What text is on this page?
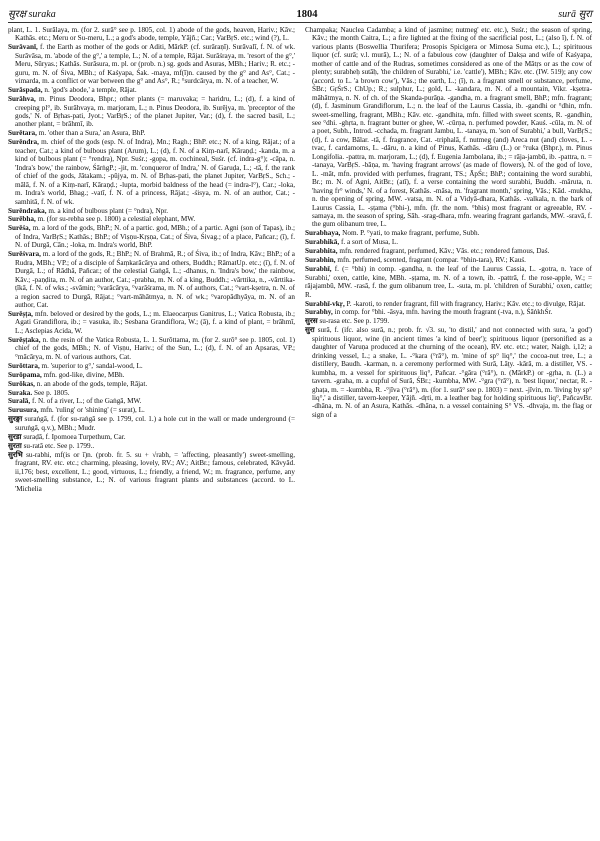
सुरक्ष suraka	1804	surā सुरा

plant, L. 1. Surālaya, m. (for 2. surā° see p. 1805, col. 1) abode of the gods, heaven, Hariv.; Kāv.; Kathās. etc.; Meru or Su-meru, L.; a god's abode, temple, Yājñ.; Car.; VarBṛS. etc.; wind (?), L.

Surāvanī, f. the Earth as mother of the gods or Aditi, MārkP. (cf. surāraṇī). Surāvalī, f. N. of wk. Surāvāsa, m. 'abode of the g°,' a temple, L.; N. of a temple, Rājat. Surāśraya, m. 'resort of the g°,' Meru, Sūryas.; Kathās. Surāsura, m. pl. or (prob. n.) sg. gods and Asuras, MBh.; Hariv.; R. etc.; -guru, m. N. of Śiva, MBh.; of Kaśyapa, Śak. -maya, mf(ī)n. caused by the g° and As°, Cat.; -vimarda, m. a conflict or war between the g° and As°, R.; °surdcārya, m. N. of a teacher, W.

Surāspada, n. 'god's abode,' a temple, Rājat.

Surāhva, m. Pinus Deodora, Bhpr.; other plants (= maruvaka; = haridru, L.; (d), f. a kind of creeping pl°, ib. Surāhvaya, m. marjoram, L.; n. Pinus Deodora, ib. Surējya, m. 'preceptor of the gods,' N. of Bṛhas-pati, Jyot.; VarBṛS.; of the planet Jupiter, Var.; (d), f. the sacred basil, L.; another plant, = brāhmī, ib.

Surētara, m. 'other than a Sura,' an Asura, BhP.

Surēndra, m. chief of the gods (esp. N. of Indra), Mn.; Ragh.; BhP. etc.; N. of a king, Rājat.; of a teacher, Cat.; a kind of bulbous plant (Arum), L.; (d), f. N. of a Kiṃ-narī, Kāraṇḍ.; -kanda, m. a kind of bulbous plant (= °rendra), Npr. Suśr.; -gopa, m. cochineal, Suśr. (cf. indra-g°); -cāpa, n. 'Indra's bow,' the rainbow, ŚārṅgP.; -jit, m. 'conqueror of Indra,' N. of Garuḍa, L.; -tā, f. the rank of chief of the gods, Jātakam.; -pūjya, m. N. of Bṛhas-pati, the planet Jupiter, VarBṛS., Sch.; -mālā, f. N. of a Kiṃ-narī, Kāraṇḍ.; -lupta, morbid baldness of the head (= indra-l°), Car.; -loka, m. Indra's world, Bhag.; -vatī, f. N. of a princess, Rājat.; -śisya, m. N. of an author, Cat.; -samhitā, f. N. of wk.

Surēndraka, m. a kind of bulbous plant (= °ndra), Npr.

Surēbha, m. (for su-rebha see p. 1800) a celestial elephant, MW.

Surēśa, m. a lord of the gods, BhP.; N. of a partic. god, MBh.; of a partic. Agni (son of Tapas), ib.; of Indra, VarBṛS.; Kathās.; BhP.; of Viṣṇu-Kṛṣṇa, Cat.; of Śiva, Śivag.; of a place, Pañcar.; (ī), f. N. of Durgā, Cān.; -loka, m. Indra's world, BhP.

Surēśvara, m. a lord of the gods, R.; BhP.; N. of Brahmā, R.; of Śiva, ib.; of Indra, Kāv.; BhP.; of a Rudra, MBh.; VP.; of a disciple of Śaṃkarācārya and others, Buddh.; RāmatUp. etc.; (ī), f. N. of Durgā, L.; of Rādhā, Pañcar.; of the celestial Gaṅgā, L.; -dhanus, n. 'Indra's bow,' the rainbow, Kāv.; -paṇḍita, m. N. of an author, Cat.; -prabha, m. N. of a king, Buddh.; -vārttika, n., -vārttika-ṭīkā, f. N. of wks.; -svāmin; °varācārya, °varāśrama, m. N. of authors, Cat.; °vart-kṣetra, n. N. of a region sacred to Durgā, Rājat.; °vart-māhātmya, n. N. of wk.; °varopādhyāya, m. N. of an author, Cat.

Surēṣṭa, mfn. beloved or desired by the gods, L.; m. Elaeocarpus Ganitrus, L.; Vatica Robusta, ib.; Agati Grandiflora, ib.; = vasuka, ib.; Sesbana Grandiflora, W.; (ā), f. a kind of plant, = brāhmī, L.; Asclepias Acida, W.

Surēṣṭaka, n. the resin of the Vatica Robusta, L. 1. Surōttama, m. (for 2. surō° see p. 1805, col. 1) chief of the gods, MBh.; N. of Viṣṇu, Hariv.; of the Sun, L.; (d), f. N. of an Apsaras, VP.; °mācārya, m. N. of various authors, Cat.

Surōttara, m. 'superior to g°,' sandal-wood, L.

Surōpama, mfn. god-like, divine, MBh.

Surōkas, n. an abode of the gods, temple, Rājat.

Suraka. See p. 1805.

Suralā, f. N. of a river, L.; of the Gaṅgā, MW.

Surusura, mfn. 'ruling' or 'shining' (= surat), L.

सुरङ्गा suraṅgā, f. (for su-raṅgā see p. 1799, col. 1.) a hole cut in the wall or made underground (= suruṅgā, q.v.), MBh.; Mudr.

सुरडा suraḍā, f. Ipomoea Turpethum, Car.

सुरता su-ratā etc. See p. 1799..

सुरभि su-rabhi, mf(is or ī)n. (prob. fr. 5. su + √rabh, = 'affecting, pleasantly') sweet-smelling, fragrant, RV. etc. etc.; charming, pleasing, lovely, RV.; AV.; AitBr.; famous, celebrated, Kāvyād. ii,176; best, excellent, L.; good, virtuous, L.; friendly, a friend, W.; m. fragrance, perfume, any sweet-smelling substance, L.; N. of various fragrant plants and substances (accord. to L. 'Michelia

Champaka; Nauclea Cadamba; a kind of jasmine; nutmeg' etc. etc.), Suśr.; the season of spring, Kāv.; the month Caitra, L.; a fire lighted at the fixing of the sacrificial post, L.; (also ī), f. N. of various plants (Boswellia Thurifera; Prosopis Spicigera or Mimosa Suma etc.), L.; spirituous liquor (cf. surā; v.l. murā), L.; N. of a fabulous cow (daughter of Dakṣa and wife of Kaśyapa, mother of cattle and of the Rudras, sometimes considered as one of the Mātṛs or as the cow of plenty; surabheḥ sutāḥ, 'the children of Surabhi,' i.e. 'cattle'), MBh.; Kāv. etc. (IW. 519); any cow (accord. to L. 'a brown cow'), Vās.; the earth, L.; (ī), n. a fragrant smell or substance, perfume, ŚBr.; GṛŚrS.; ChUp.; R.; sulphur, L.; gold, L. -kandara, m. N. of a mountain, Vikr. -kṣetra-māhātmya, n. N. of ch. of the Skanda-purāṇa. -gandha, m. a fragrant smell, BhP.; mfn. fragrant; (d), f. Jasminum Grandiflorum, L.; n. the leaf of the Laurus Cassia, ib. -gandhi or °dhin, mfn. sweet-smelling, fragrant, MBh.; Kāv. etc. -gandhita, mfn. filled with sweet scents, R. -gandhin, see °dhi. -ghṛta, n. fragrant butter or ghee, W. -cūrṇa, n. perfumed powder, Kauś. -cūla, m. N. of a poet, Subh., Introd. -cchada, m. fragrant Jambu, L. -tanaya, m. 'son of Surabhi,' a bull, VarBṛS.; (d), f. a cow, Bālar. -tā, f. fragrance, Cat. -triphalā, f. nutmeg (and) Areca nut (and) cloves, L. -tvac, f. cardamoms, L. -dāru, n. a kind of Pinus, Kathās. -dāru (L.) or °ruka (Bhpr.), m. Pinus Longifolia. -pattra, m. marjoram, L.; (d), f. Eugenia Jambolana, ib.; = rāja-jambū, ib. -pattra, n. = -tanaya, VarBṛS. -bāṇa, m. 'having fragrant arrows' (as made of flowers), N. of the god of love, L. -māt, mfn. provided with perfumes, fragrant, TS.; ĀpŚr.; BhP.; containing the word surabhi, Br.; m. N. of Agni, AitBr.; (atī), f. a verse containing the word surabhi, Buddh. -māruta, n. 'having fr° winds,' N. of a forest, Kathās. -māsa, m. 'fragrant month,' spring, Vās.; Kād. -mukha, n. the opening of spring, MW. -vatsa, m. N. of a Vidyā-dhara, Kathās. -valkala, n. the bark of Laurus Cassia, L. -ṣṭama (°bhi-), mfn. (fr. the nom. °bhis) most fragrant or agreeable, RV. -samaya, m. the season of spring, Sāh. -srag-dhara, mfn. wearing fragrant garlands, MW. -sravā, f. the gum olibanum tree, L.

Surabhaya, Nom. P. °yati, to make fragrant, perfume, Subh.

Surabhikā, f. a sort of Musa, L.

Surabhita, mfn. rendered fragrant, perfumed, Kāv.; Vās. etc.; rendered famous, Daś.

Surabhin, mfn. perfumed, scented, fragrant (compar. °bhin-tara), RV.; Kauś.

Surabhī, f. (= °bhi) in comp. -gandha, n. the leaf of the Laurus Cassia, L. -gotra, n. 'race of Surabhi,' oxen, cattle, kine, MBh. -ṣṭama, m. N. of a town, ib. -pattrā, f. the rose-apple, W.; = rājajambū, MW. -rasā, f. the gum olibanum tree, L. -suta, m. pl. 'children of Surabhi,' oxen, cattle; R.

Surabhī-vkṛ, P. -karoti, to render fragrant, fill with fragrancy, Hariv.; Kāv. etc.; to divulge, Rājat.

Surabhy, in comp. for °bhi. -āsya, mfn. having the mouth fragrant (-tva, n.), ŚāṅkhŚr.

सुरस su-rasa etc. See p. 1799.

सुरा surā, f. (ifc. also surā, n.; prob. fr. √3. su, 'to distil,' and not connected with sura, 'a god') spirituous liquor, wine (in ancient times 'a kind of beer'); spirituous liquor (personified as a daughter of Varuṇa produced at the churning of the ocean), RV. etc. etc.; water, Naigh. i,12; a drinking vessel, L.; a snake, L. -°kara (°rā°), m. 'mine of sp° liq°,' the cocoa-nut tree, L.; a distillery, Baudh. -karman, n. a ceremony performed with Surā, Lāṭy. -kārā, m. a distiller, VS. -kumbha, m. a vessel for spirituous liq°, Pañcar. -°gāra (°rā°), n. (MārkP.) or -gṛha, n. (L.) a tavern. -graha, m. a cupful of Surā, ŚBr.; -kumbha, MW. -°gra (°rā°), n. 'best liquor,' nectar, R. -ghaṭa, m. = -kumbha, R. -°jīva (°rā°), m. (for 1. surā° see p. 1803) = next. -jīvin, m. 'living by sp° liq°,' a distiller, tavern-keeper, Yājñ. -dṛti, m. a leather bag for holding spirituous liq°, PañcavBr. -dhāna, m. N. of an Asura, Kathās. -dhāna, n. a vessel containing S° VS. -dhvaja, m. the flag or sign of a
